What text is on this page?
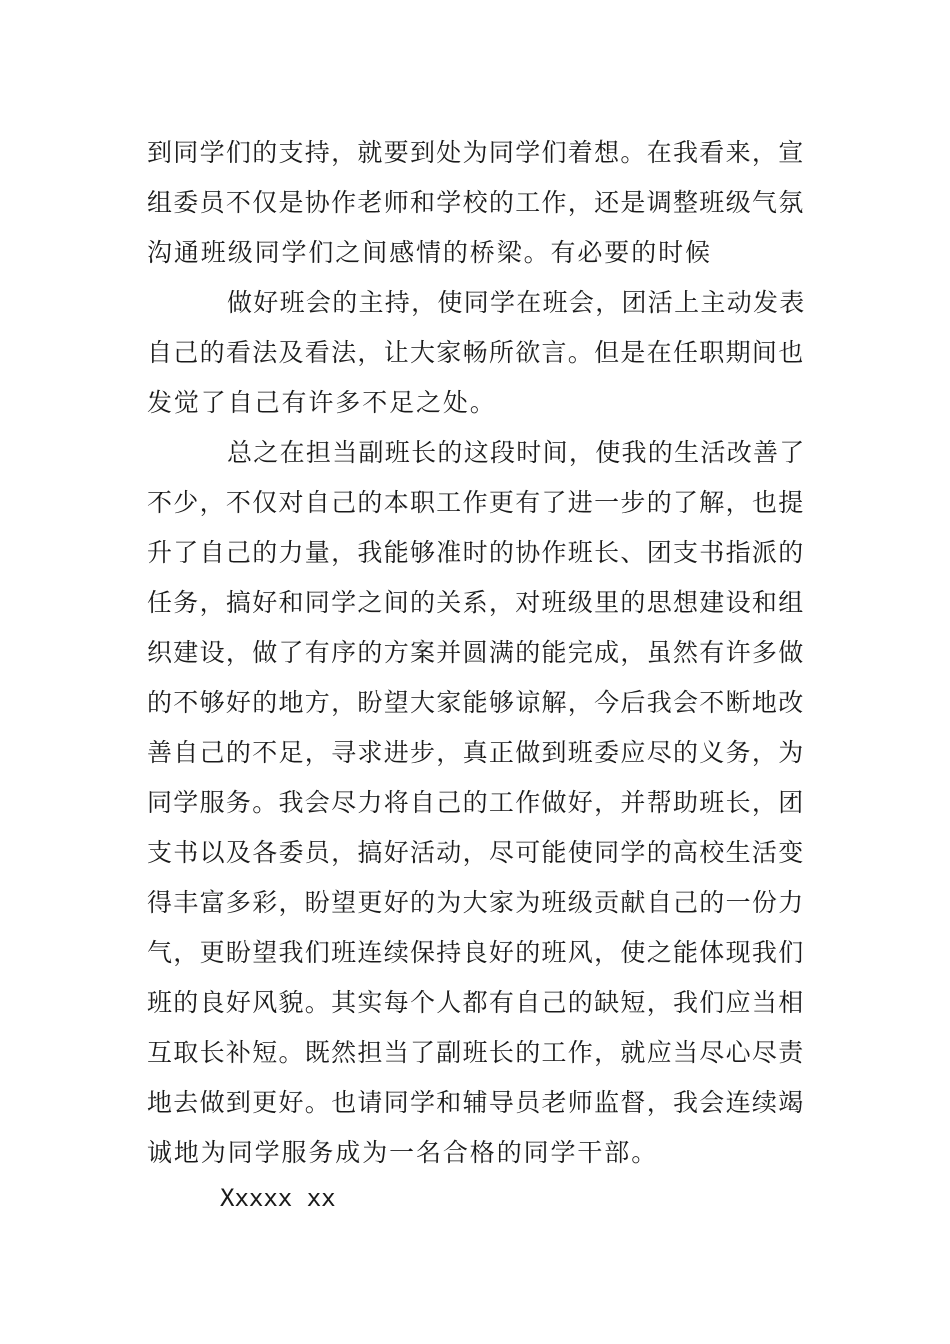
到同学们的支持，就要到处为同学们着想。在我看来，宣
组委员不仅是协作老师和学校的工作，还是调整班级气氛
沟通班级同学们之间感情的桥梁。有必要的时候
做好班会的主持，使同学在班会，团活上主动发表
自己的看法及看法，让大家畅所欲言。但是在任职期间也
发觉了自己有许多不足之处。
总之在担当副班长的这段时间，使我的生活改善了
不少，不仅对自己的本职工作更有了进一步的了解，也提
升了自己的力量，我能够准时的协作班长、团支书指派的
任务，搞好和同学之间的关系，对班级里的思想建设和组
织建设，做了有序的方案并圆满的能完成，虽然有许多做
的不够好的地方，盼望大家能够谅解，今后我会不断地改
善自己的不足，寻求进步，真正做到班委应尽的义务，为
同学服务。我会尽力将自己的工作做好，并帮助班长，团
支书以及各委员，搞好活动，尽可能使同学的高校生活变
得丰富多彩，盼望更好的为大家为班级贡献自己的一份力
气，更盼望我们班连续保持良好的班风，使之能体现我们
班的良好风貌。其实每个人都有自己的缺短，我们应当相
互取长补短。既然担当了副班长的工作，就应当尽心尽责
地去做到更好。也请同学和辅导员老师监督，我会连续竭
诚地为同学服务成为一名合格的同学干部。
Xxxxx xx
